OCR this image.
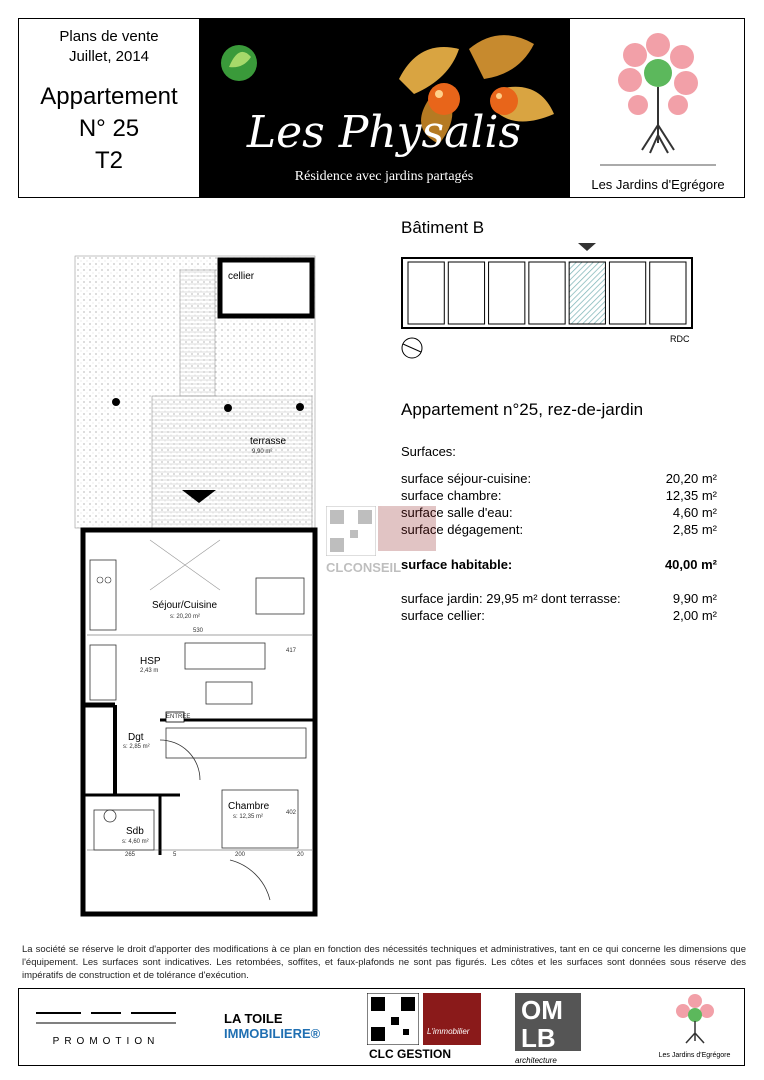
Plans de vente
Juillet, 2014
Appartement
N° 25
T2
Les Physalis
Résidence avec jardins partagés
Les Jardins d'Egrégore
Bâtiment B
RDC
Appartement n°25, rez-de-jardin
Surfaces:
surface séjour-cuisine:	20,20 m²
surface chambre:	12,35 m²
surface salle d'eau:	4,60 m²
surface dégagement:	2,85 m²
surface habitable:	40,00 m²
surface jardin: 29,95 m² dont terrasse:	9,90 m²
surface cellier:	2,00 m²
cellier
terrasse
9,90 m²
Séjour/Cuisine
s: 20,20 m²
530
417
HSP
2,43 m
ENTREE
Dgt
s: 2,85 m²
Chambre
s: 12,35 m²
402
Sdb
s: 4,60 m²
265	5	200	20
CLCONSEIL
La société se réserve le droit d'apporter des modifications à ce plan en fonction des nécessités techniques et administratives, tant en ce qui concerne les dimensions que l'équipement. Les surfaces sont indicatives. Les retombées, soffites, et faux-plafonds ne sont pas figurés. Les côtes et les surfaces sont données sous réserve des impératifs de construction et de tolérance d'exécution.
PROMOTION
LA TOILE
IMMOBILIERE®	L'immobilier
CLC GESTION
OM
LB
architecture
Les Jardins d'Egrégore
